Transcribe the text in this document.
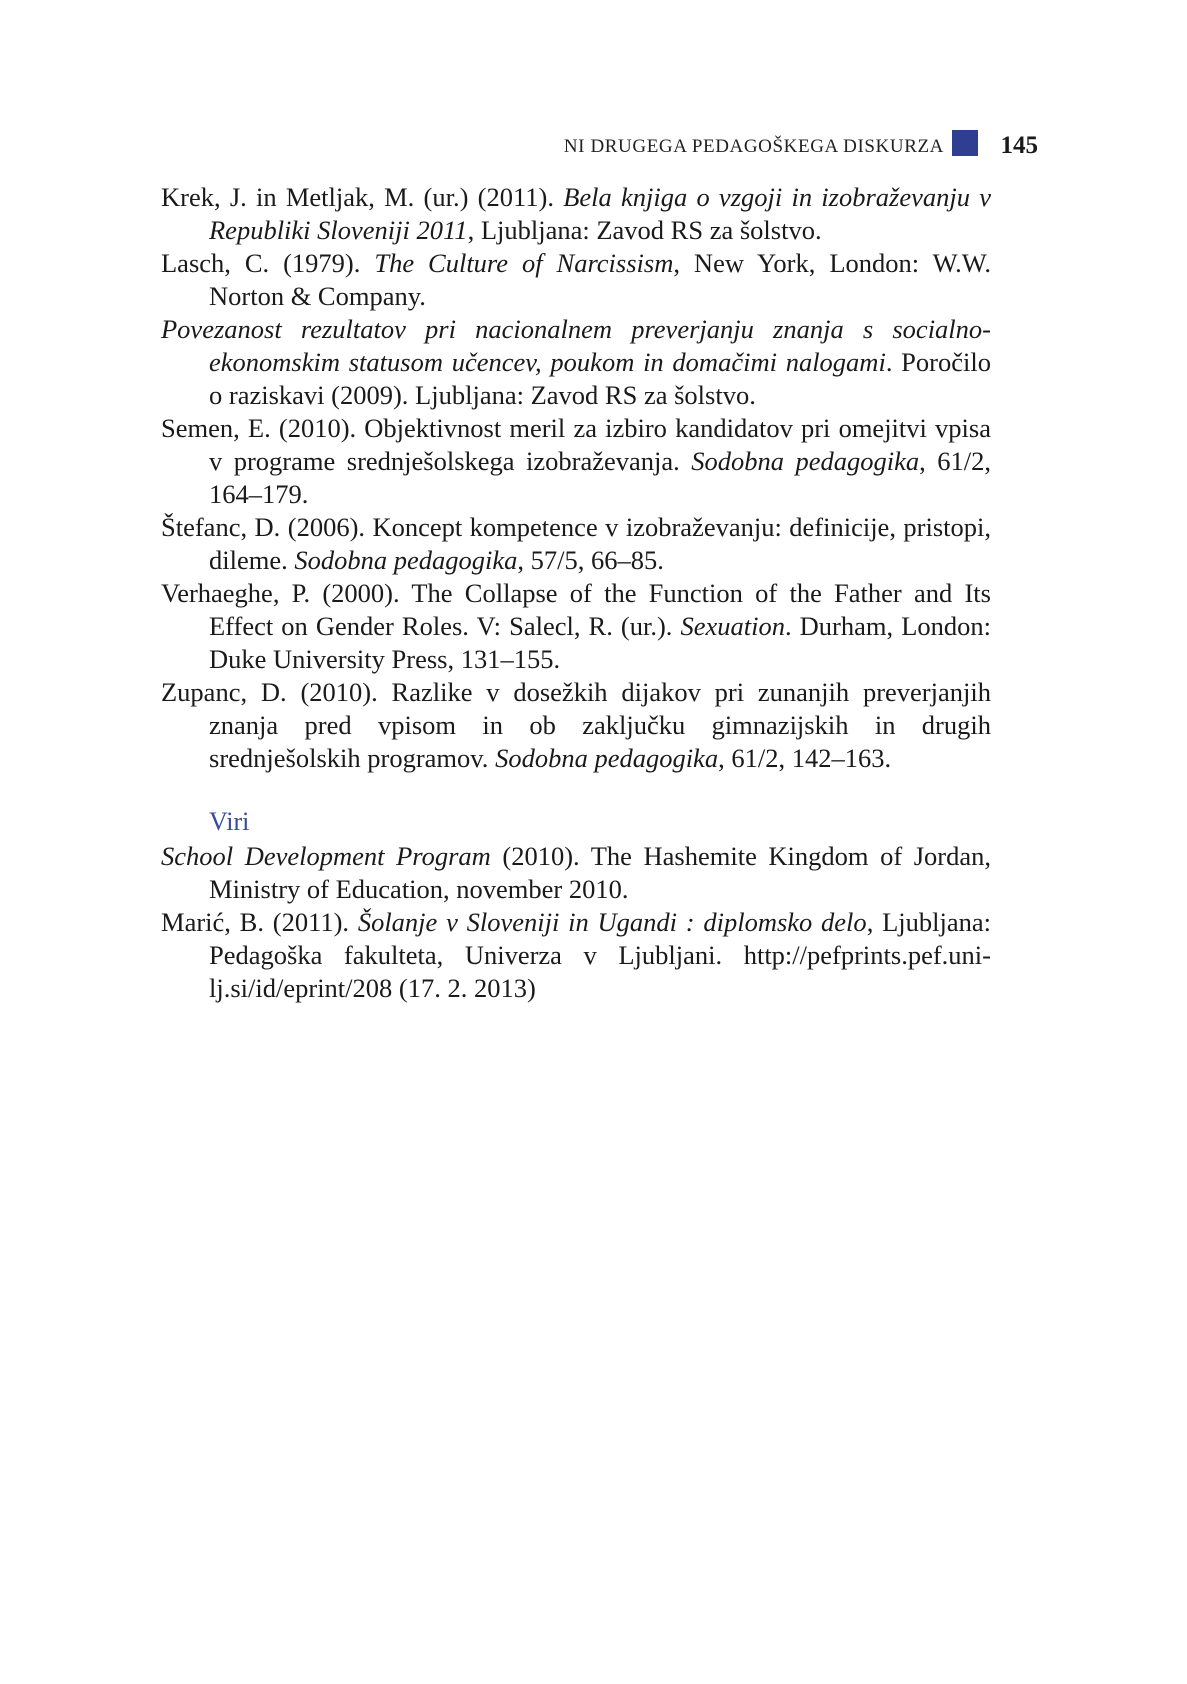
NI DRUGEGA PEDAGOŠKEGA DISKURZA 145

Krek, J. in Metljak, M. (ur.) (2011). Bela knjiga o vzgoji in izobraževanju v Republiki Sloveniji 2011, Ljubljana: Zavod RS za šolstvo.

Lasch, C. (1979). The Culture of Narcissism, New York, London: W.W. Norton & Company.

Povezanost rezultatov pri nacionalnem preverjanju znanja s socialno-ekonomskim statusom učencev, poukom in domačimi nalogami. Poročilo o raziskavi (2009). Ljubljana: Zavod RS za šolstvo.

Semen, E. (2010). Objektivnost meril za izbiro kandidatov pri omejitvi vpisa v programe srednješolskega izobraževanja. Sodobna pedagogika, 61/2, 164–179.

Štefanc, D. (2006). Koncept kompetence v izobraževanju: definicije, pristopi, dileme. Sodobna pedagogika, 57/5, 66–85.

Verhaeghe, P. (2000). The Collapse of the Function of the Father and Its Effect on Gender Roles. V: Salecl, R. (ur.). Sexuation. Durham, London: Duke University Press, 131–155.

Zupanc, D. (2010). Razlike v dosežkih dijakov pri zunanjih preverjanjih znanja pred vpisom in ob zaključku gimnazijskih in drugih srednješolskih programov. Sodobna pedagogika, 61/2, 142–163.

Viri

School Development Program (2010). The Hashemite Kingdom of Jordan, Ministry of Education, november 2010.

Marić, B. (2011). Šolanje v Sloveniji in Ugandi : diplomsko delo, Ljubljana: Pedagoška fakulteta, Univerza v Ljubljani. http://pefprints.pef.uni-lj.si/id/eprint/208 (17. 2. 2013)
